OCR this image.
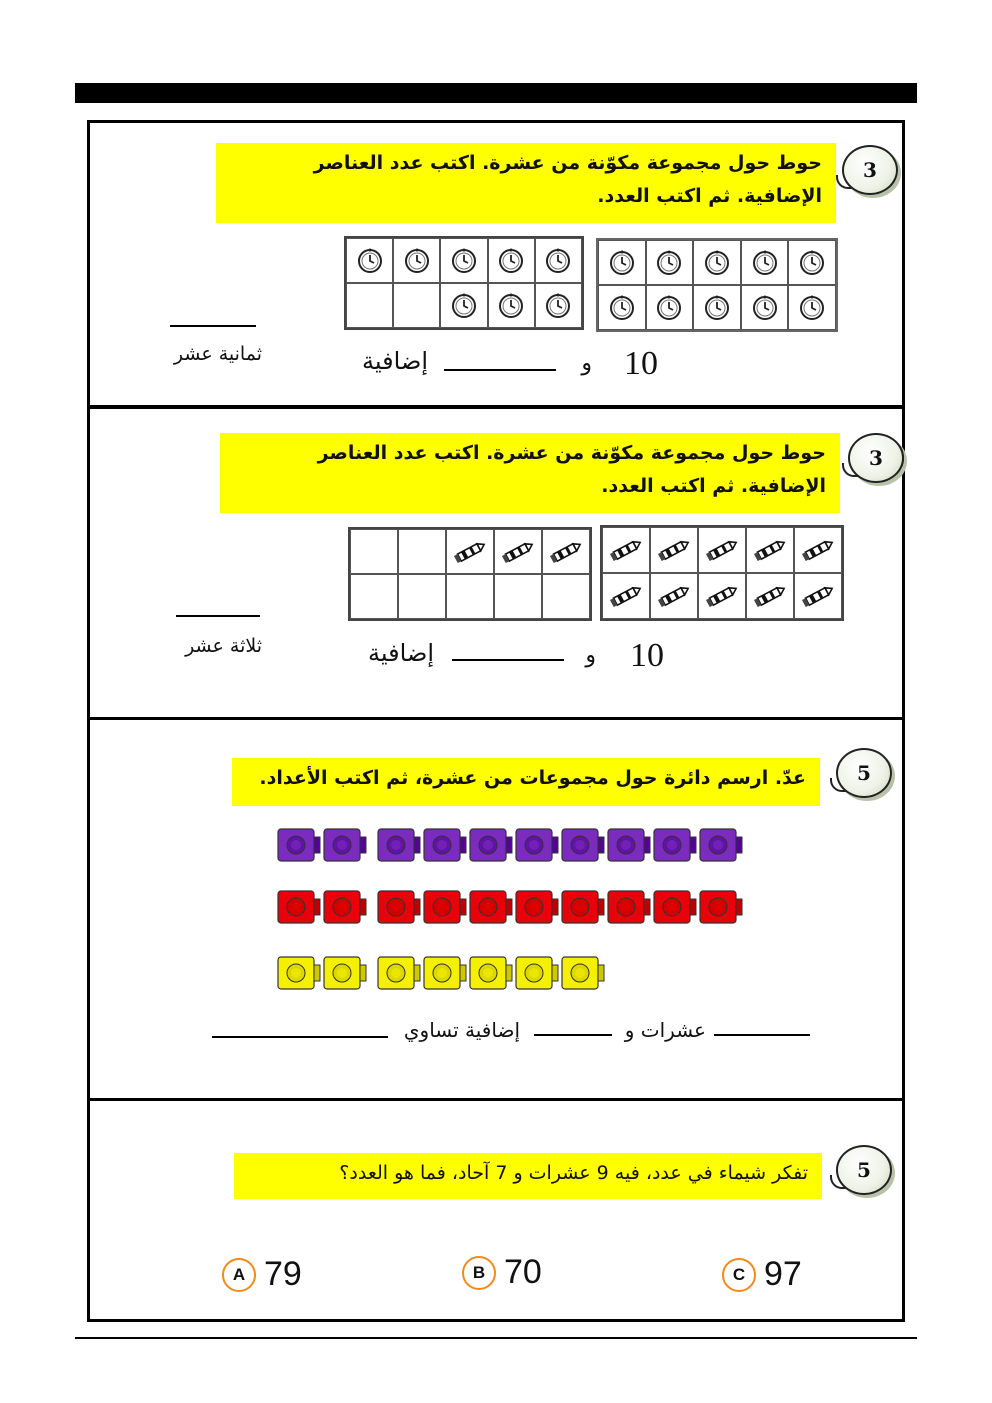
3
حوط حول مجموعة مكوّنة من عشرة. اكتب عدد العناصر
الإضافية. ثم اكتب العدد.
ثمانية عشر	إضافية	و 10
3
حوط حول مجموعة مكوّنة من عشرة. اكتب عدد العناصر
الإضافية. ثم اكتب العدد.
ثلاثة عشر	إضافية	و 10
5
عدّ. ارسم دائرة حول مجموعات من عشرة، ثم اكتب الأعداد.
عشرات و
إضافية تساوي
5
تفكر شيماء في عدد، فيه 9 عشرات و 7 آحاد، فما هو العدد؟
A 79	B 70	C 97
